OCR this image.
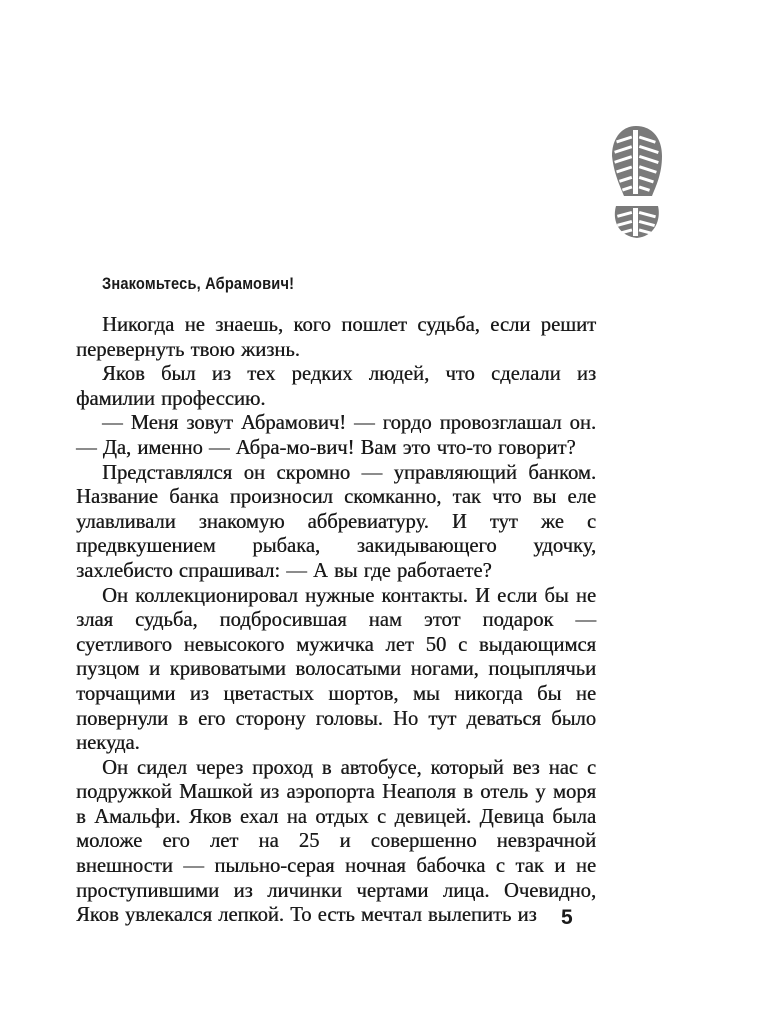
Знакомьтесь, Абрамович!

Никогда не знаешь, кого пошлет судьба, если решит перевернуть твою жизнь.

Яков был из тех редких людей, что сделали из фамилии профессию.

— Меня зовут Абрамович! — гордо провозглашал он. — Да, именно — Абра-мо-вич! Вам это что-то говорит?

Представлялся он скромно — управляющий банком. Название банка произносил скомканно, так что вы еле улавливали знакомую аббревиатуру. И тут же с предвкушением рыбака, закидывающего удочку, захлебисто спрашивал: — А вы где работаете?

Он коллекционировал нужные контакты. И если бы не злая судьба, подбросившая нам этот подарок — суетливого невысокого мужичка лет 50 с выдающимся пузцом и кривоватыми волосатыми ногами, поцыплячьи торчащими из цветастых шортов, мы никогда бы не повернули в его сторону головы. Но тут деваться было некуда.

Он сидел через проход в автобусе, который вез нас с подружкой Машкой из аэропорта Неаполя в отель у моря в Амальфи. Яков ехал на отдых с девицей. Девица была моложе его лет на 25 и совершенно невзрачной внешности — пыльно-серая ночная бабочка с так и не проступившими из личинки чертами лица. Очевидно, Яков увлекался лепкой. То есть мечтал вылепить из	5
